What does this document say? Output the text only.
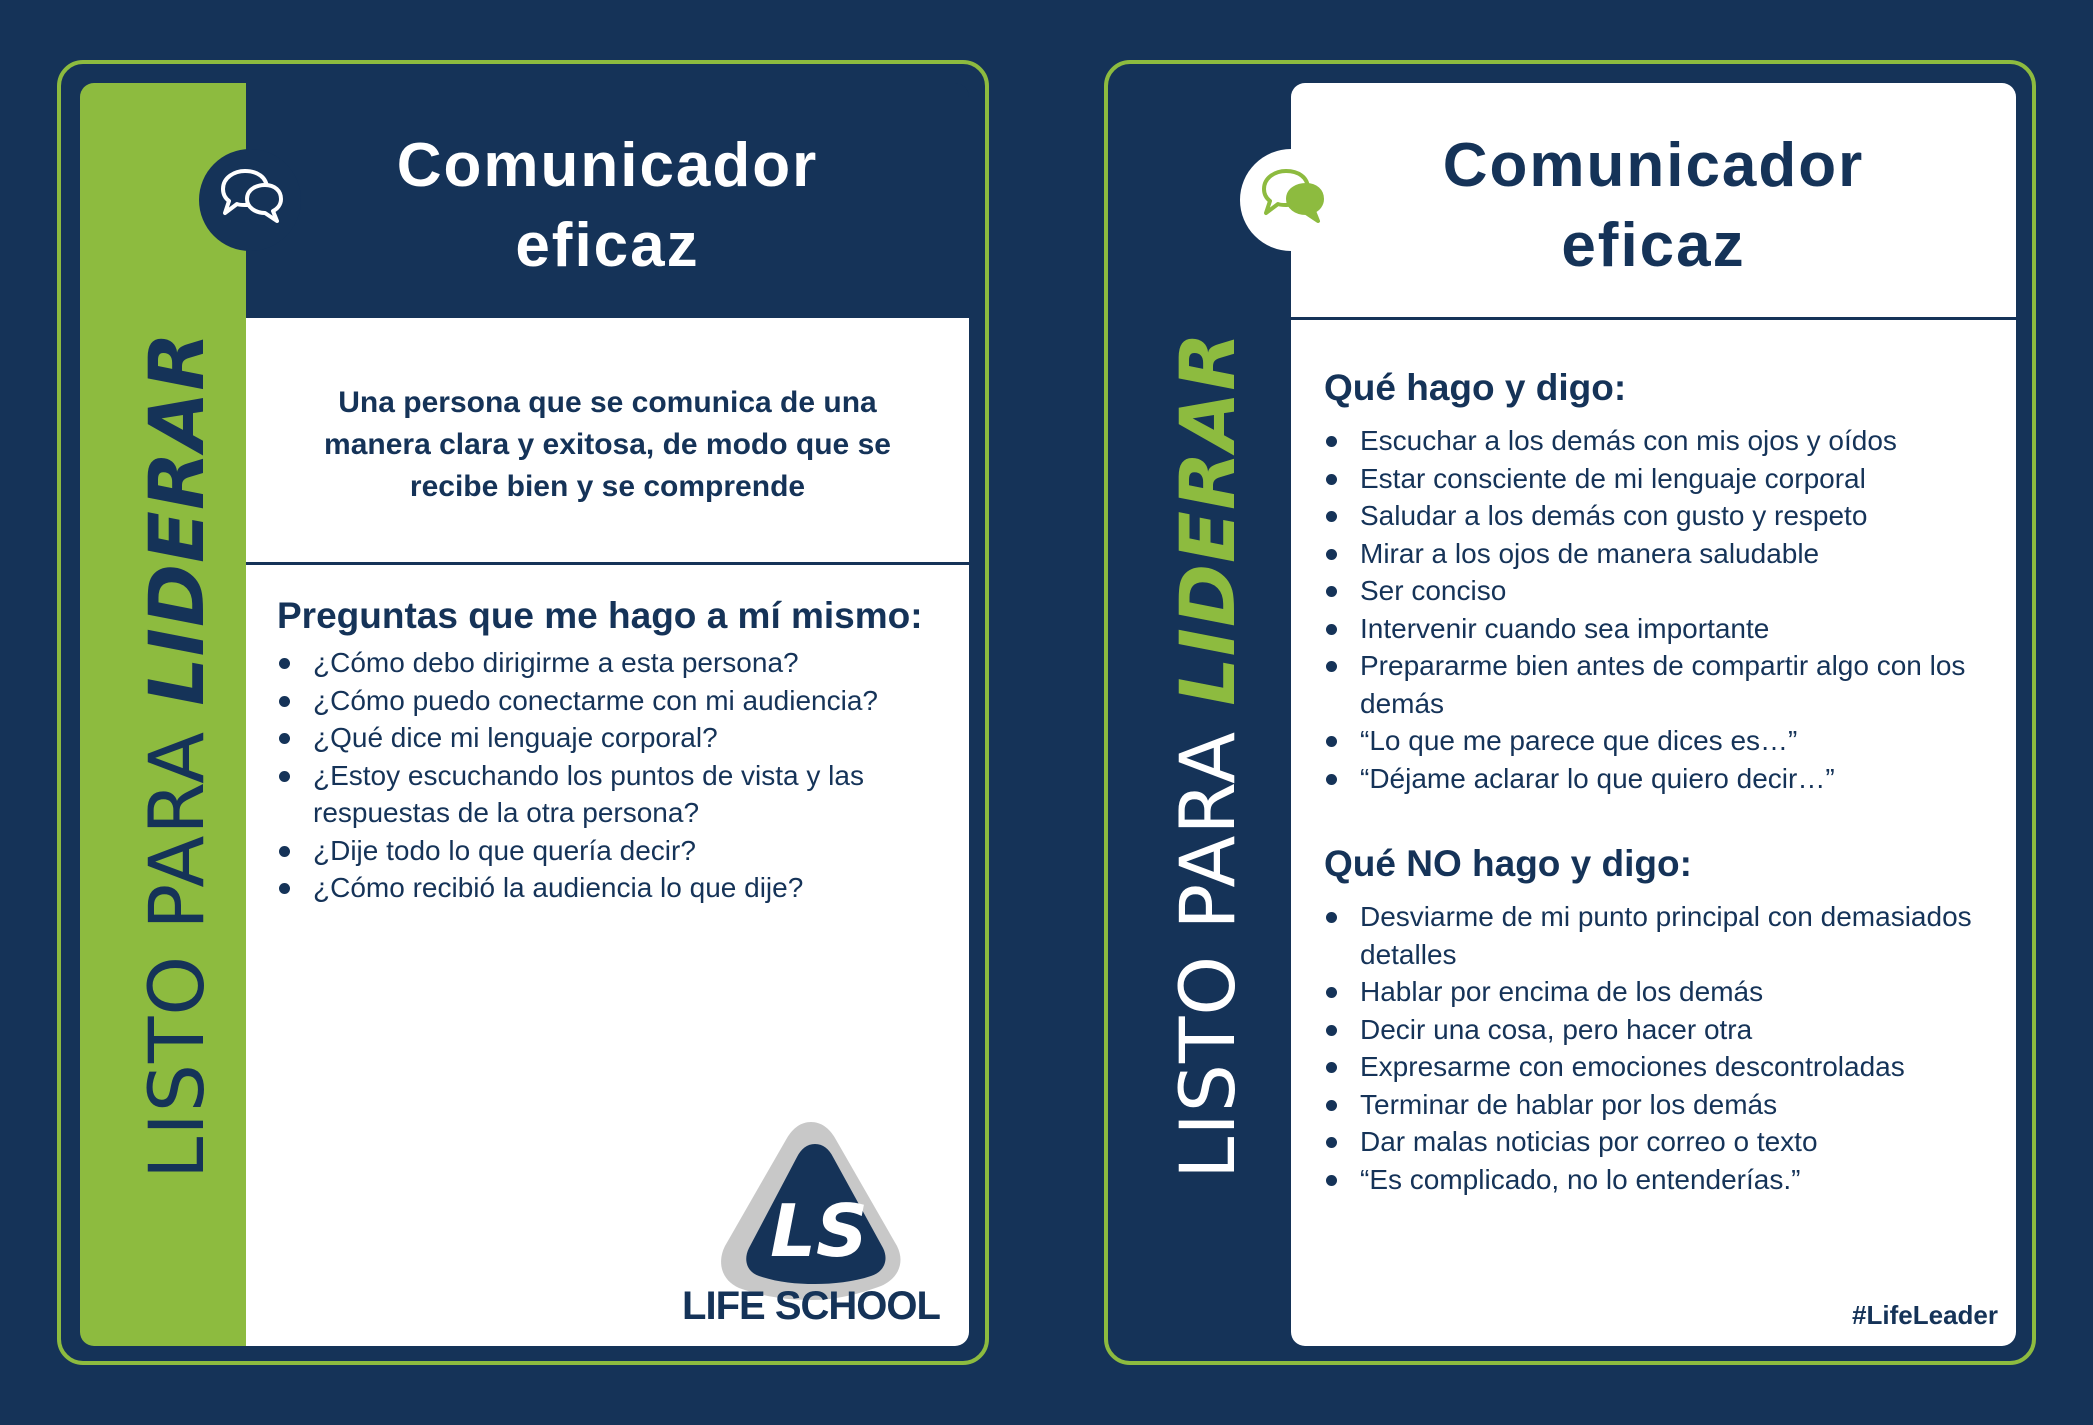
LISTO PARA LIDERAR
Comunicador
eficaz
Una persona que se comunica de una manera clara y exitosa, de modo que se recibe bien y se comprende
Preguntas que me hago a mí mismo:
¿Cómo debo dirigirme a esta persona?
¿Cómo puedo conectarme con mi audiencia?
¿Qué dice mi lenguaje corporal?
¿Estoy escuchando los puntos de vista y las respuestas de la otra persona?
¿Dije todo lo que quería decir?
¿Cómo recibió la audiencia lo que dije?
LS
LIFE SCHOOL
LISTO PARA LIDERAR
Comunicador
eficaz
Qué hago y digo:
Escuchar a los demás con mis ojos y oídos
Estar consciente de mi lenguaje corporal
Saludar a los demás con gusto y respeto
Mirar a los ojos de manera saludable
Ser conciso
Intervenir cuando sea importante
Prepararme bien antes de compartir algo con los demás
“Lo que me parece que dices es…”
“Déjame aclarar lo que quiero decir…”
Qué NO hago y digo:
Desviarme de mi punto principal con demasiados detalles
Hablar por encima de los demás
Decir una cosa, pero hacer otra
Expresarme con emociones descontroladas
Terminar de hablar por los demás
Dar malas noticias por correo o texto
“Es complicado, no lo entenderías.”
#LifeLeader
